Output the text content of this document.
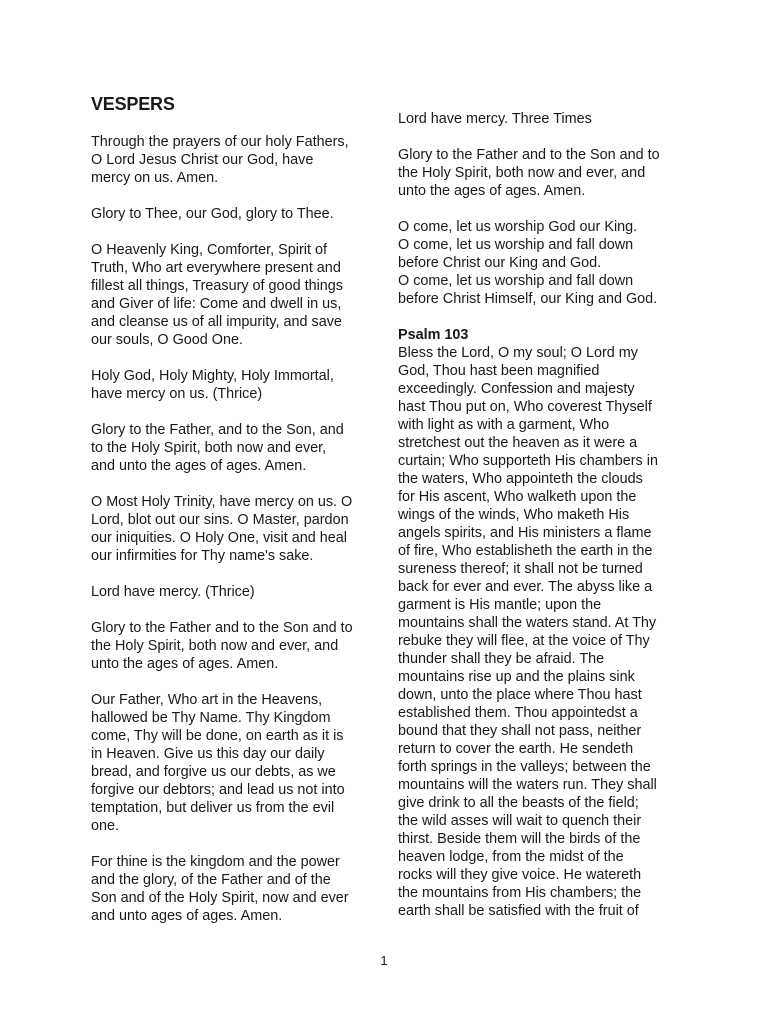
VESPERS

Through the prayers of our holy Fathers,
O Lord Jesus Christ our God, have
mercy on us. Amen.

Glory to Thee, our God, glory to Thee.

O Heavenly King, Comforter, Spirit of
Truth, Who art everywhere present and
fillest all things, Treasury of good things
and Giver of life: Come and dwell in us,
and cleanse us of all impurity, and save
our souls, O Good One.

Holy God, Holy Mighty, Holy Immortal,
have mercy on us. (Thrice)

Glory to the Father, and to the Son, and
to the Holy Spirit, both now and ever,
and unto the ages of ages. Amen.

O Most Holy Trinity, have mercy on us. O
Lord, blot out our sins. O Master, pardon
our iniquities. O Holy One, visit and heal
our infirmities for Thy name's sake.

Lord have mercy. (Thrice)

Glory to the Father and to the Son and to
the Holy Spirit, both now and ever, and
unto the ages of ages. Amen.

Our Father, Who art in the Heavens,
hallowed be Thy Name. Thy Kingdom
come, Thy will be done, on earth as it is
in Heaven. Give us this day our daily
bread, and forgive us our debts, as we
forgive our debtors; and lead us not into
temptation, but deliver us from the evil
one.

For thine is the kingdom and the power
and the glory, of the Father and of the
Son and of the Holy Spirit, now and ever
and unto ages of ages. Amen.

Lord have mercy. Three Times

Glory to the Father and to the Son and to
the Holy Spirit, both now and ever, and
unto the ages of ages. Amen.

O come, let us worship God our King.
O come, let us worship and fall down
before Christ our King and God.
O come, let us worship and fall down
before Christ Himself, our King and God.

Psalm 103

Bless the Lord, O my soul; O Lord my
God, Thou hast been magnified
exceedingly. Confession and majesty
hast Thou put on, Who coverest Thyself
with light as with a garment, Who
stretchest out the heaven as it were a
curtain; Who supporteth His chambers in
the waters, Who appointeth the clouds
for His ascent, Who walketh upon the
wings of the winds, Who maketh His
angels spirits, and His ministers a flame
of fire, Who establisheth the earth in the
sureness thereof; it shall not be turned
back for ever and ever. The abyss like a
garment is His mantle; upon the
mountains shall the waters stand. At Thy
rebuke they will flee, at the voice of Thy
thunder shall they be afraid. The
mountains rise up and the plains sink
down, unto the place where Thou hast
established them. Thou appointedst a
bound that they shall not pass, neither
return to cover the earth. He sendeth
forth springs in the valleys; between the
mountains will the waters run. They shall
give drink to all the beasts of the field;
the wild asses will wait to quench their
thirst. Beside them will the birds of the
heaven lodge, from the midst of the
rocks will they give voice. He watereth
the mountains from His chambers; the
earth shall be satisfied with the fruit of

1
